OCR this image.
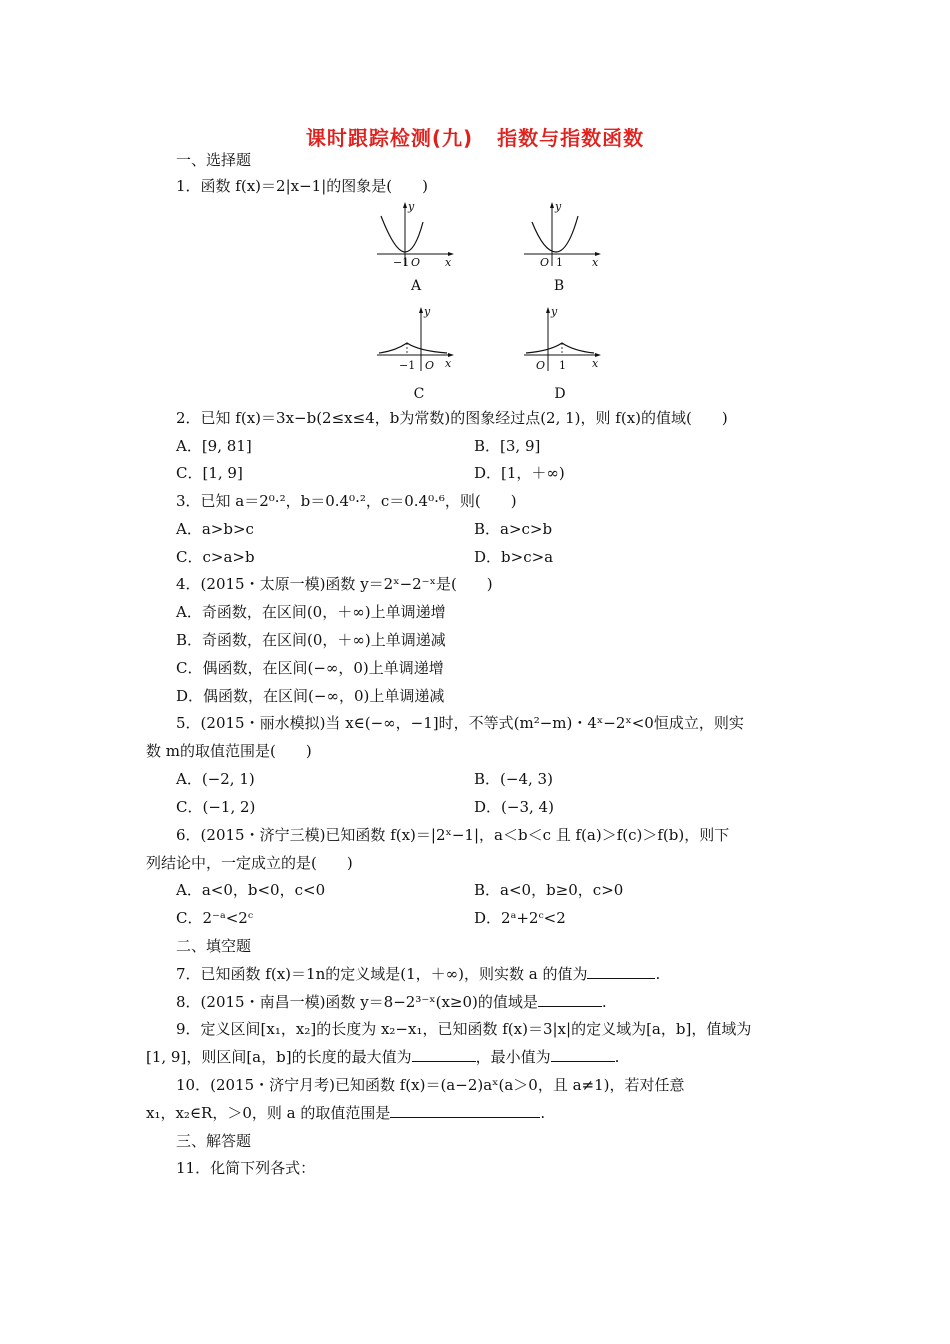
课时跟踪检测(九) 指数与指数函数
一、选择题
1．函数 f(x)＝2|x−1|的图象是(　　)
y
x
−1 O
A
y
x
O 1
B
y
x
−1 O
C
y
x
O 1
D
2．已知 f(x)＝3x−b(2≤x≤4，b为常数)的图象经过点(2, 1)，则 f(x)的值域(　　)
A．[9, 81]	B．[3, 9]
C．[1, 9]	D．[1，＋∞)
3．已知 a＝2⁰·²，b＝0.4⁰·²，c＝0.4⁰·⁶，则(　　)
A．a>b>c	B．a>c>b
C．c>a>b	D．b>c>a
4．(2015・太原一模)函数 y＝2ˣ−2⁻ˣ是(　　)
A．奇函数，在区间(0，＋∞)上单调递增
B．奇函数，在区间(0，＋∞)上单调递减
C．偶函数，在区间(−∞，0)上单调递增
D．偶函数，在区间(−∞，0)上单调递减
5．(2015・丽水模拟)当 x∈(−∞，−1]时，不等式(m²−m)・4ˣ−2ˣ<0恒成立，则实
数 m的取值范围是(　　)
A．(−2, 1)	B．(−4, 3)
C．(−1, 2)	D．(−3, 4)
6．(2015・济宁三模)已知函数 f(x)＝|2ˣ−1|，a＜b＜c 且 f(a)＞f(c)＞f(b)，则下
列结论中，一定成立的是(　　)
A．a<0，b<0，c<0	B．a<0，b≥0，c>0
C．2⁻ᵃ<2ᶜ	D．2ᵃ+2ᶜ<2
二、填空题
7．已知函数 f(x)＝1n的定义域是(1，＋∞)，则实数 a 的值为	.
8．(2015・南昌一模)函数 y＝8−2³⁻ˣ(x≥0)的值域是	.
9．定义区间[x₁，x₂]的长度为 x₂−x₁，已知函数 f(x)＝3|x|的定义域为[a，b]，值域为
[1, 9]，则区间[a，b]的长度的最大值为	，最小值为	.
10．(2015・济宁月考)已知函数 f(x)＝(a−2)aˣ(a＞0，且 a≠1)，若对任意
x₁，x₂∈R，＞0，则 a 的取值范围是	.
三、解答题
11．化简下列各式：
